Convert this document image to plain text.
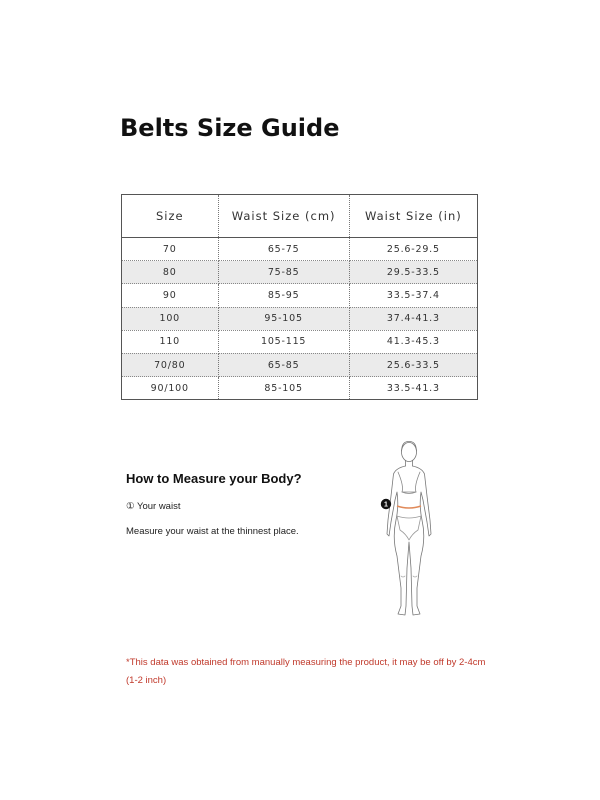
Belts Size Guide
Size	Waist Size (cm)	Waist Size (in)
70	65-75	25.6-29.5
80	75-85	29.5-33.5
90	85-95	33.5-37.4
100	95-105	37.4-41.3
110	105-115	41.3-45.3
70/80	65-85	25.6-33.5
90/100	85-105	33.5-41.3
How to Measure your Body?
① Your waist
Measure your waist at the thinnest place.
1
*This data was obtained from manually measuring the product, it may be off by 2-4cm (1-2 inch)
